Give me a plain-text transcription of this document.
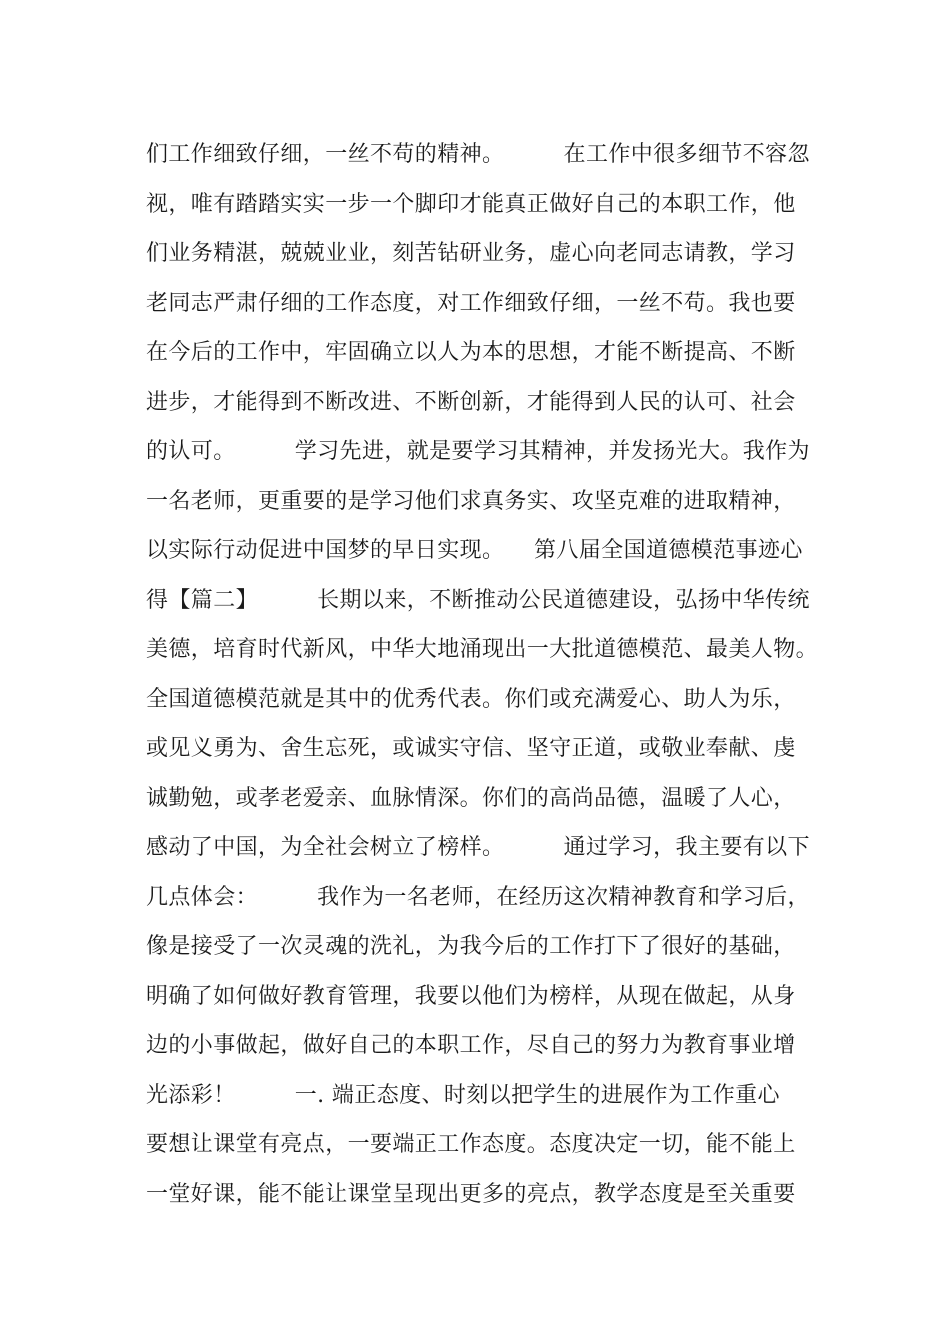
们工作细致仔细，一丝不苟的精神。        在工作中很多细节不容忽
视，唯有踏踏实实一步一个脚印才能真正做好自己的本职工作，他
们业务精湛，兢兢业业，刻苦钻研业务，虚心向老同志请教，学习
老同志严肃仔细的工作态度，对工作细致仔细，一丝不苟。我也要
在今后的工作中，牢固确立以人为本的思想，才能不断提高、不断
进步，才能得到不断改进、不断创新，才能得到人民的认可、社会
的认可。        学习先进，就是要学习其精神，并发扬光大。我作为
一名老师，更重要的是学习他们求真务实、攻坚克难的进取精神，
以实际行动促进中国梦的早日实现。    第八届全国道德模范事迹心
得【篇二】        长期以来，不断推动公民道德建设，弘扬中华传统
美德，培育时代新风，中华大地涌现出一大批道德模范、最美人物。
全国道德模范就是其中的优秀代表。你们或充满爱心、助人为乐，
或见义勇为、舍生忘死，或诚实守信、坚守正道，或敬业奉献、虔
诚勤勉，或孝老爱亲、血脉情深。你们的高尚品德，温暖了人心，
感动了中国，为全社会树立了榜样。        通过学习，我主要有以下
几点体会：        我作为一名老师，在经历这次精神教育和学习后，
像是接受了一次灵魂的洗礼，为我今后的工作打下了很好的基础，
明确了如何做好教育管理，我要以他们为榜样，从现在做起，从身
边的小事做起，做好自己的本职工作，尽自己的努力为教育事业增
光添彩！        一. 端正态度、时刻以把学生的进展作为工作重心
要想让课堂有亮点，一要端正工作态度。态度决定一切，能不能上
一堂好课，能不能让课堂呈现出更多的亮点，教学态度是至关重要
